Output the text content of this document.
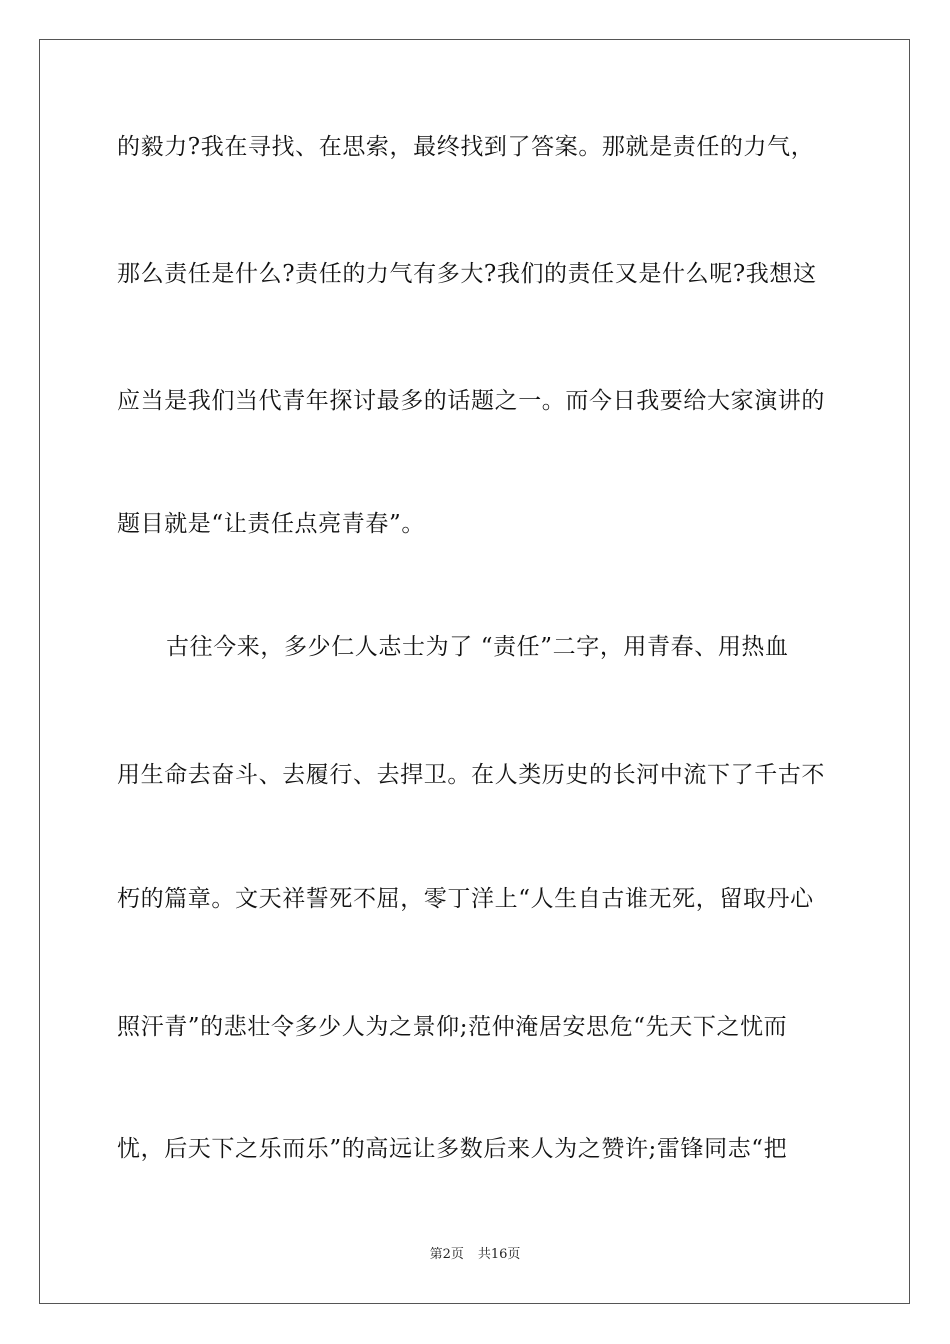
的毅力?我在寻找、在思索，最终找到了答案。那就是责任的力气，
那么责任是什么?责任的力气有多大?我们的责任又是什么呢?我想这
应当是我们当代青年探讨最多的话题之一。而今日我要给大家演讲的
题目就是“让责任点亮青春”。
古往今来，多少仁人志士为了 “责任”二字，用青春、用热血
用生命去奋斗、去履行、去捍卫。在人类历史的长河中流下了千古不
朽的篇章。文天祥誓死不屈，零丁洋上“人生自古谁无死，留取丹心
照汗青”的悲壮令多少人为之景仰;范仲淹居安思危“先天下之忧而
忧，后天下之乐而乐”的高远让多数后来人为之赞许;雷锋同志“把
第2页 共16页
